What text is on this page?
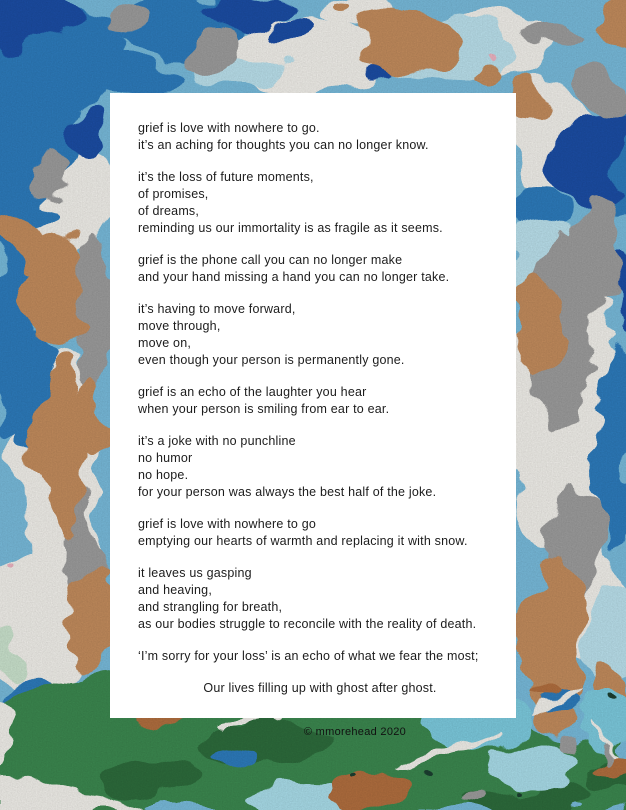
grief is love with nowhere to go.
it’s an aching for thoughts you can no longer know.
it’s the loss of future moments,
of promises,
of dreams,
reminding us our immortality is as fragile as it seems.
grief is the phone call you can no longer make
and your hand missing a hand you can no longer take.
it’s having to move forward,
move through,
move on,
even though your person is permanently gone.
grief is an echo of the laughter you hear
when your person is smiling from ear to ear.
it’s a joke with no punchline
no humor
no hope.
for your person was always the best half of the joke.
grief is love with nowhere to go
emptying our hearts of warmth and replacing it with snow.
it leaves us gasping
and heaving,
and strangling for breath,
as our bodies struggle to reconcile with the reality of death.
‘I’m sorry for your loss’ is an echo of what we fear the most;
Our lives filling up with ghost after ghost.
© mmorehead 2020
